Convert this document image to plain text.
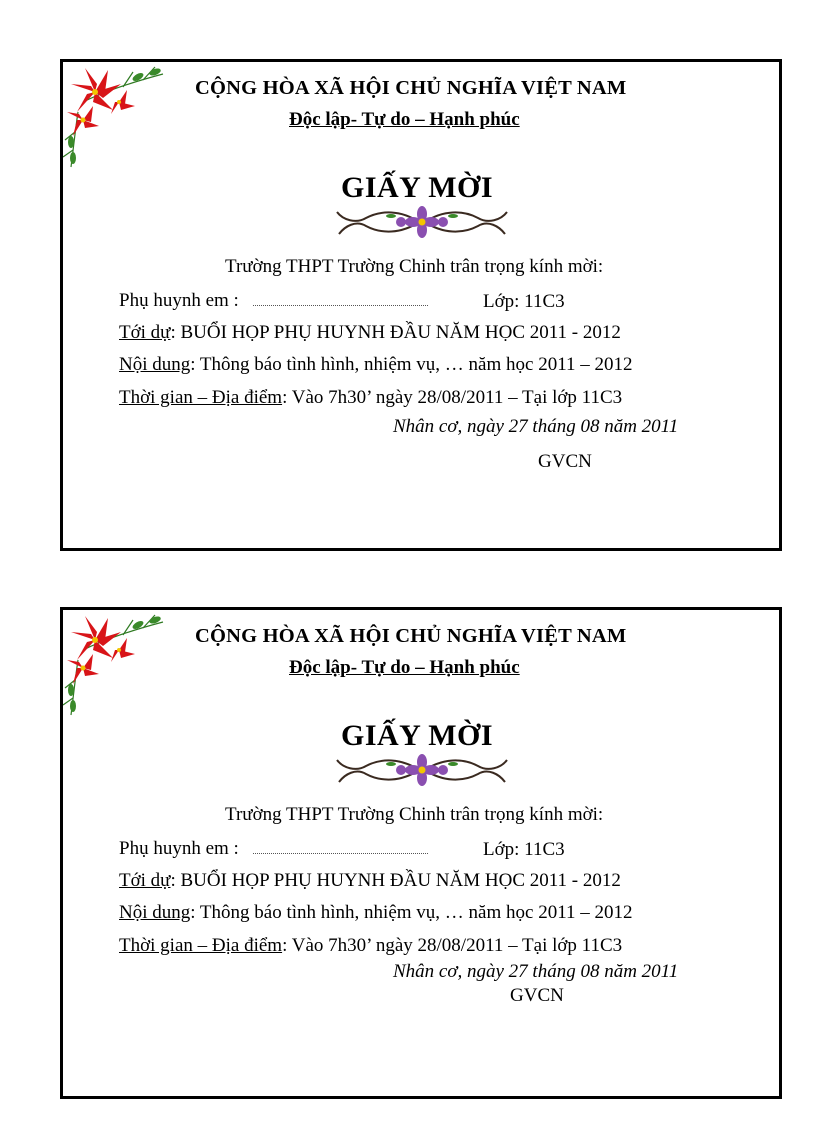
CỘNG HÒA XÃ HỘI CHỦ NGHĨA VIỆT NAM
Độc lập- Tự do – Hạnh phúc
GIẤY MỜI
Trường THPT Trường Chinh trân trọng kính mời:
Phụ huynh em :	Lớp: 11C3
Tới dự: BUỔI HỌP PHỤ HUYNH ĐẦU NĂM HỌC 2011 - 2012
Nội dung: Thông báo tình hình, nhiệm vụ, … năm học 2011 – 2012
Thời gian – Địa điểm: Vào 7h30’ ngày 28/08/2011 – Tại lớp 11C3
Nhân cơ, ngày 27 tháng 08 năm 2011
GVCN
CỘNG HÒA XÃ HỘI CHỦ NGHĨA VIỆT NAM
Độc lập- Tự do – Hạnh phúc
GIẤY MỜI
Trường THPT Trường Chinh trân trọng kính mời:
Phụ huynh em :	Lớp: 11C3
Tới dự: BUỔI HỌP PHỤ HUYNH ĐẦU NĂM HỌC 2011 - 2012
Nội dung: Thông báo tình hình, nhiệm vụ, … năm học 2011 – 2012
Thời gian – Địa điểm: Vào 7h30’ ngày 28/08/2011 – Tại lớp 11C3
Nhân cơ, ngày 27 tháng 08 năm 2011
GVCN
